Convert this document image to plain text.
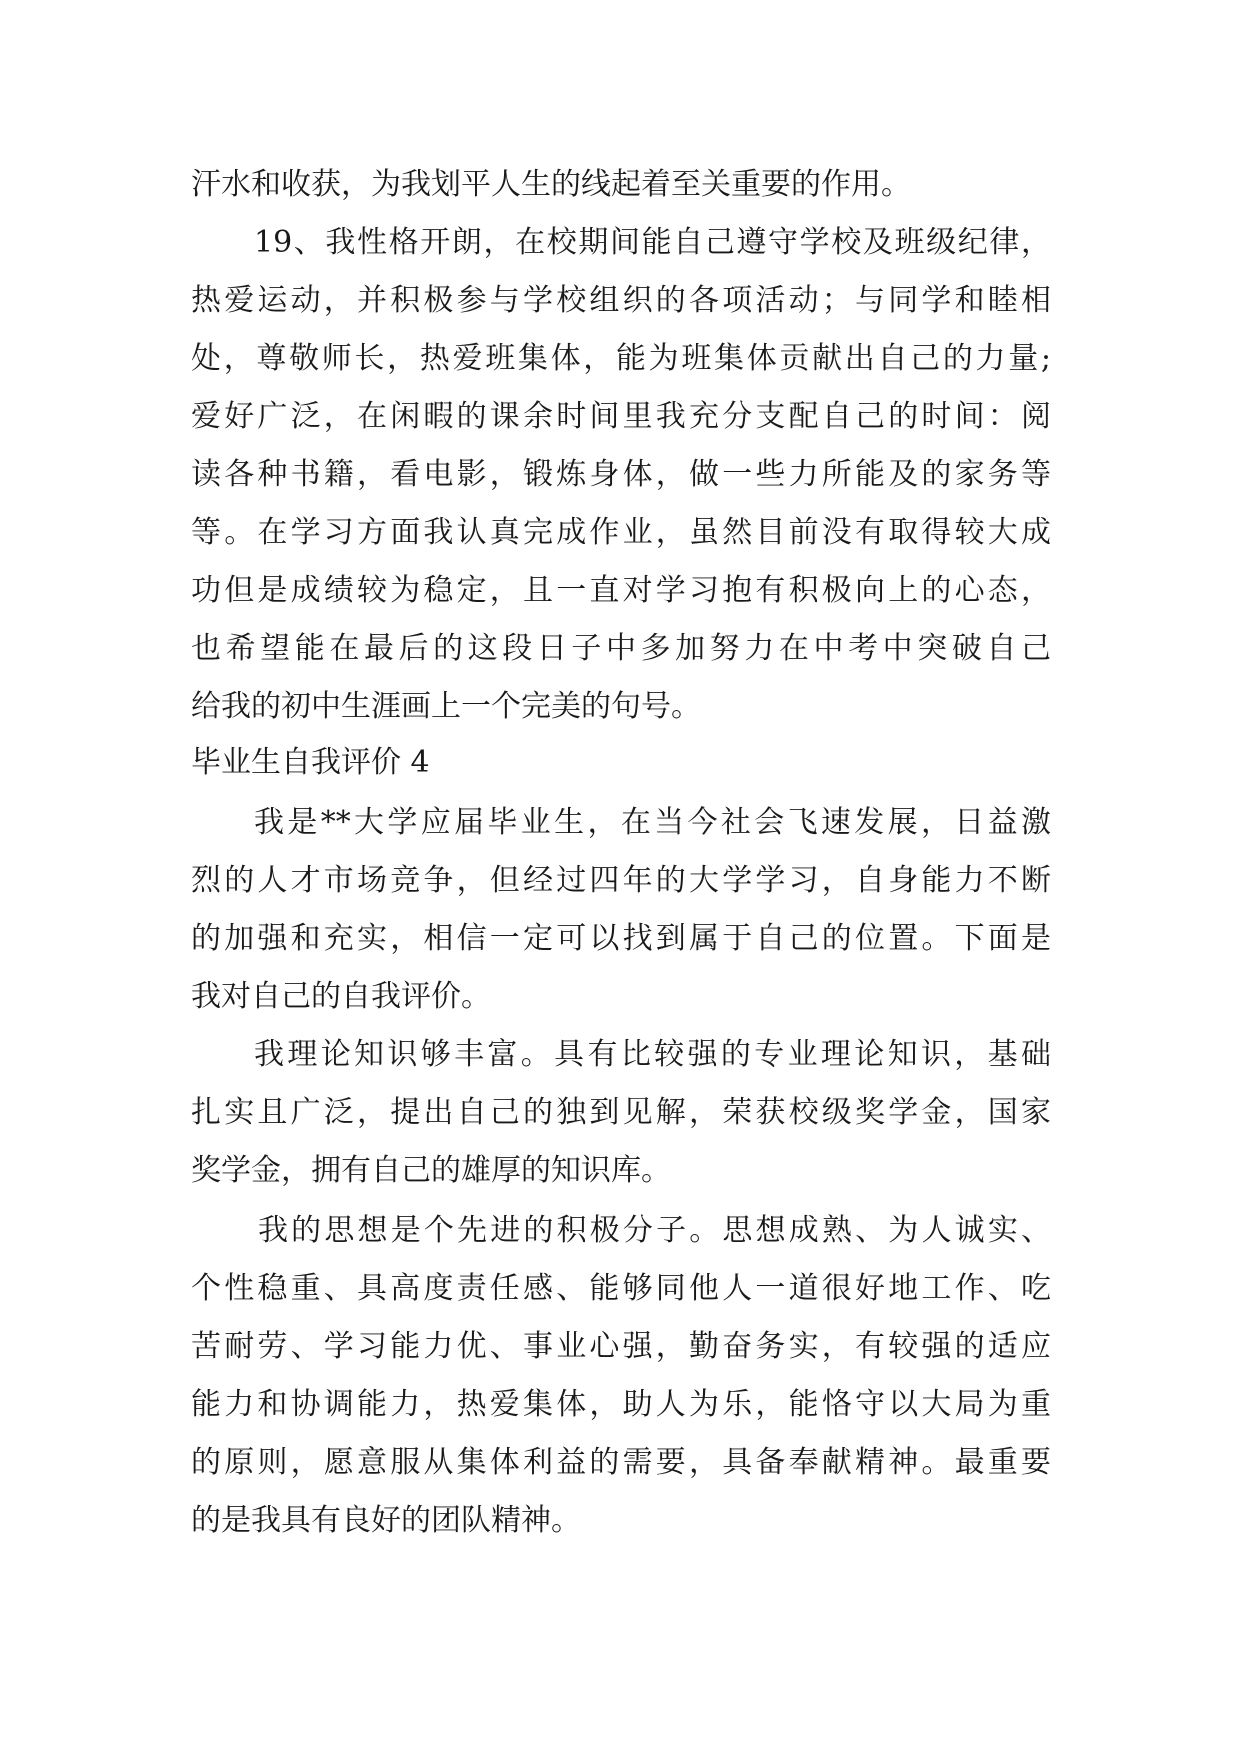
汗水和收获，为我划平人生的线起着至关重要的作用。
19、我性格开朗，在校期间能自己遵守学校及班级纪律，
热爱运动，并积极参与学校组织的各项活动；与同学和睦相
处，尊敬师长，热爱班集体，能为班集体贡献出自己的力量;
爱好广泛，在闲暇的课余时间里我充分支配自己的时间：阅
读各种书籍，看电影，锻炼身体，做一些力所能及的家务等
等。在学习方面我认真完成作业，虽然目前没有取得较大成
功但是成绩较为稳定，且一直对学习抱有积极向上的心态，
也希望能在最后的这段日子中多加努力在中考中突破自己
给我的初中生涯画上一个完美的句号。
毕业生自我评价 4
我是**大学应届毕业生，在当今社会飞速发展，日益激
烈的人才市场竞争，但经过四年的大学学习，自身能力不断
的加强和充实，相信一定可以找到属于自己的位置。下面是
我对自己的自我评价。
我理论知识够丰富。具有比较强的专业理论知识，基础
扎实且广泛，提出自己的独到见解，荣获校级奖学金，国家
奖学金，拥有自己的雄厚的知识库。
我的思想是个先进的积极分子。思想成熟、为人诚实、
个性稳重、具高度责任感、能够同他人一道很好地工作、吃
苦耐劳、学习能力优、事业心强，勤奋务实，有较强的适应
能力和协调能力，热爱集体，助人为乐，能恪守以大局为重
的原则，愿意服从集体利益的需要，具备奉献精神。最重要
的是我具有良好的团队精神。
